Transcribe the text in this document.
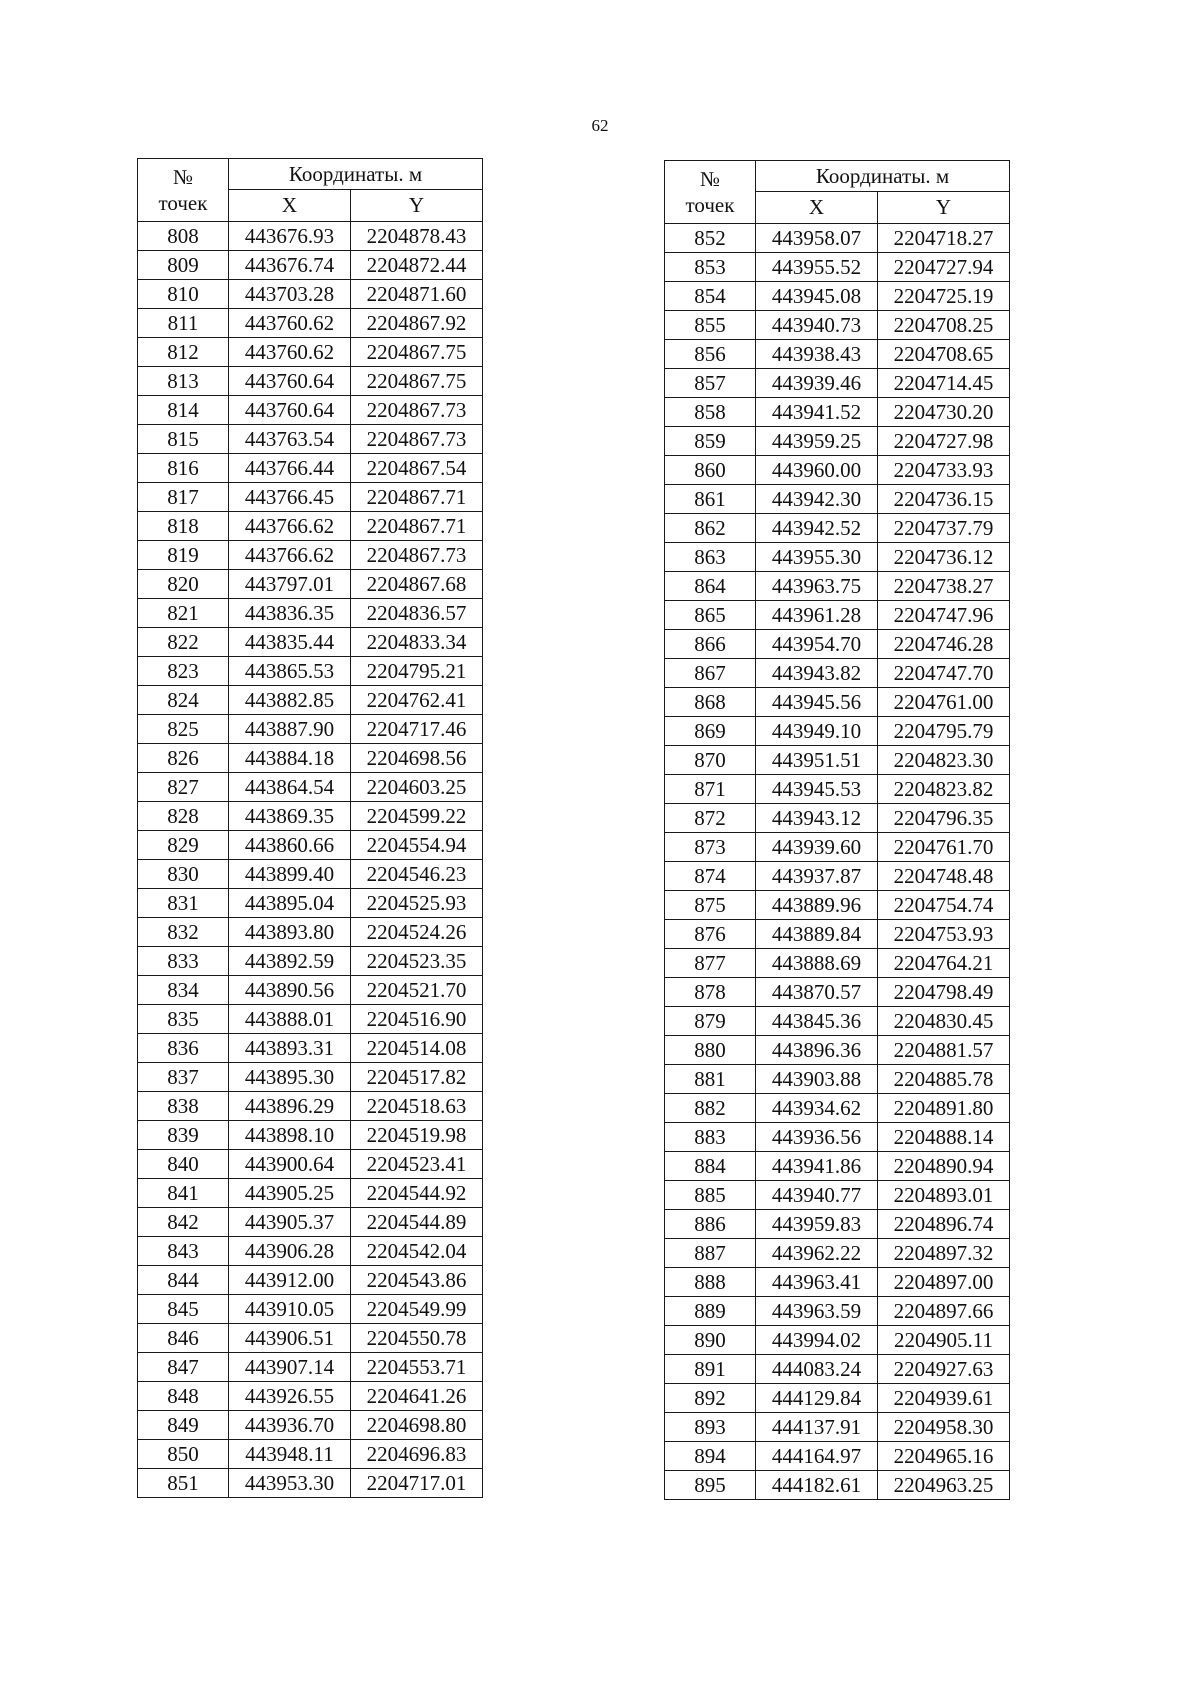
62
№
точек	Координаты. м	
	X	Y
808	443676.93	2204878.43
809	443676.74	2204872.44
810	443703.28	2204871.60
811	443760.62	2204867.92
812	443760.62	2204867.75
813	443760.64	2204867.75
814	443760.64	2204867.73
815	443763.54	2204867.73
816	443766.44	2204867.54
817	443766.45	2204867.71
818	443766.62	2204867.71
819	443766.62	2204867.73
820	443797.01	2204867.68
821	443836.35	2204836.57
822	443835.44	2204833.34
823	443865.53	2204795.21
824	443882.85	2204762.41
825	443887.90	2204717.46
826	443884.18	2204698.56
827	443864.54	2204603.25
828	443869.35	2204599.22
829	443860.66	2204554.94
830	443899.40	2204546.23
831	443895.04	2204525.93
832	443893.80	2204524.26
833	443892.59	2204523.35
834	443890.56	2204521.70
835	443888.01	2204516.90
836	443893.31	2204514.08
837	443895.30	2204517.82
838	443896.29	2204518.63
839	443898.10	2204519.98
840	443900.64	2204523.41
841	443905.25	2204544.92
842	443905.37	2204544.89
843	443906.28	2204542.04
844	443912.00	2204543.86
845	443910.05	2204549.99
846	443906.51	2204550.78
847	443907.14	2204553.71
848	443926.55	2204641.26
849	443936.70	2204698.80
850	443948.11	2204696.83
851	443953.30	2204717.01
№
точек	Координаты. м	
	X	Y
852	443958.07	2204718.27
853	443955.52	2204727.94
854	443945.08	2204725.19
855	443940.73	2204708.25
856	443938.43	2204708.65
857	443939.46	2204714.45
858	443941.52	2204730.20
859	443959.25	2204727.98
860	443960.00	2204733.93
861	443942.30	2204736.15
862	443942.52	2204737.79
863	443955.30	2204736.12
864	443963.75	2204738.27
865	443961.28	2204747.96
866	443954.70	2204746.28
867	443943.82	2204747.70
868	443945.56	2204761.00
869	443949.10	2204795.79
870	443951.51	2204823.30
871	443945.53	2204823.82
872	443943.12	2204796.35
873	443939.60	2204761.70
874	443937.87	2204748.48
875	443889.96	2204754.74
876	443889.84	2204753.93
877	443888.69	2204764.21
878	443870.57	2204798.49
879	443845.36	2204830.45
880	443896.36	2204881.57
881	443903.88	2204885.78
882	443934.62	2204891.80
883	443936.56	2204888.14
884	443941.86	2204890.94
885	443940.77	2204893.01
886	443959.83	2204896.74
887	443962.22	2204897.32
888	443963.41	2204897.00
889	443963.59	2204897.66
890	443994.02	2204905.11
891	444083.24	2204927.63
892	444129.84	2204939.61
893	444137.91	2204958.30
894	444164.97	2204965.16
895	444182.61	2204963.25
